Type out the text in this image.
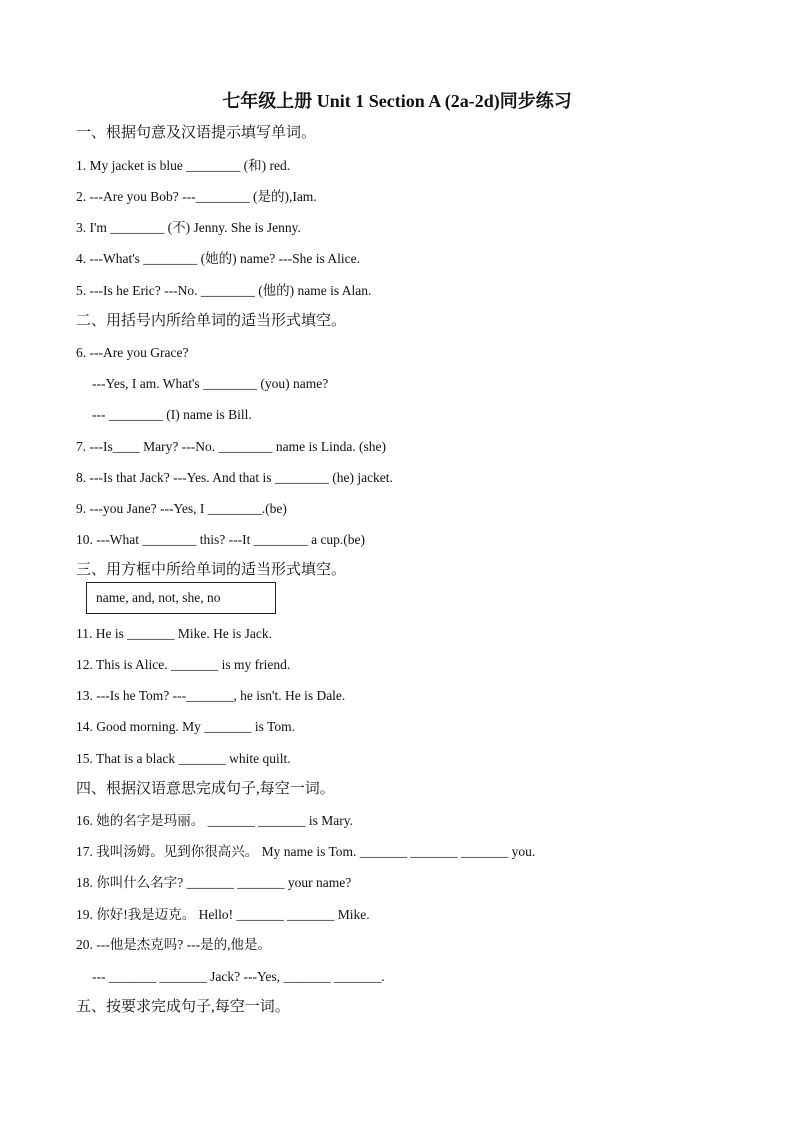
七年级上册 Unit 1 Section A (2a-2d)同步练习
一、根据句意及汉语提示填写单词。
1. My jacket is blue ________ (和) red.
2. ---Are you Bob? ---________ (是的),Iam.
3. I'm ________ (不) Jenny. She is Jenny.
4. ---What's ________ (她的) name? ---She is Alice.
5. ---Is he Eric? ---No. ________ (他的) name is Alan.
二、用括号内所给单词的适当形式填空。
6. ---Are you Grace?
---Yes, I am. What's ________ (you) name?
--- ________ (I) name is Bill.
7. ---Is____ Mary? ---No. ________ name is Linda. (she)
8. ---Is that Jack? ---Yes. And that is ________ (he) jacket.
9. ---you Jane? ---Yes, I ________.(be)
10. ---What ________ this? ---It ________ a cup.(be)
三、用方框中所给单词的适当形式填空。
name, and, not, she, no
11. He is _______ Mike. He is Jack.
12. This is Alice. _______ is my friend.
13. ---Is he Tom? ---_______, he isn't. He is Dale.
14. Good morning. My _______ is Tom.
15. That is a black _______ white quilt.
四、根据汉语意思完成句子,每空一词。
16. 她的名字是玛丽。 _______ _______ is Mary.
17. 我叫汤姆。见到你很高兴。 My name is Tom. _______ _______ _______ you.
18. 你叫什么名字? _______ _______ your name?
19. 你好!我是迈克。 Hello! _______ _______ Mike.
20. ---他是杰克吗? ---是的,他是。
--- _______ _______ Jack? ---Yes, _______ _______.
五、按要求完成句子,每空一词。
